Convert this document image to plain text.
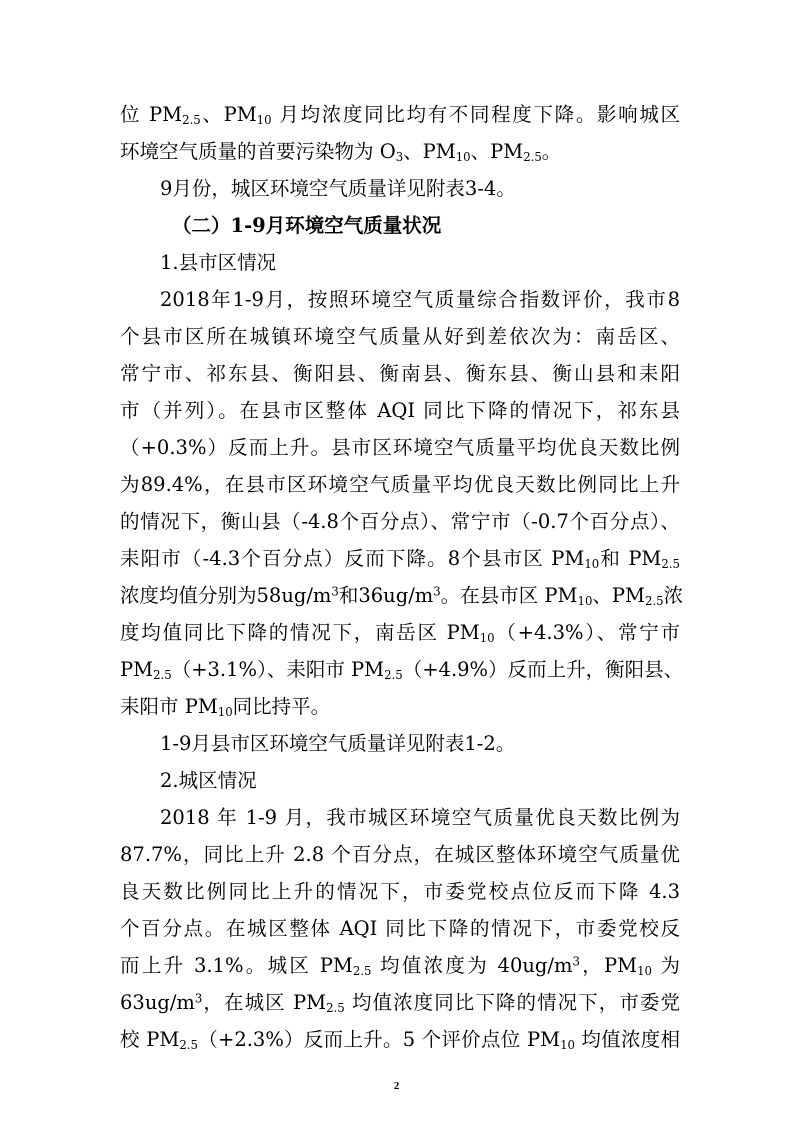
位 $PM_{2.5}$、$PM_{10}$ 月均浓度同比均有不同程度下降。影响城区
环境空气质量的首要污染物为 $O_3$、$PM_{10}$、$PM_{2.5}$。
9月份，城区环境空气质量详见附表3-4。
（二）1-9月环境空气质量状况
1.县市区情况
2018年1-9月，按照环境空气质量综合指数评价，我市8
个县市区所在城镇环境空气质量从好到差依次为：南岳区、
常宁市、祁东县、衡阳县、衡南县、衡东县、衡山县和耒阳
市（并列）。在县市区整体 AQI 同比下降的情况下，祁东县
（+0.3%）反而上升。县市区环境空气质量平均优良天数比例
为89.4%，在县市区环境空气质量平均优良天数比例同比上升
的情况下，衡山县（-4.8个百分点）、常宁市（-0.7个百分点）、
耒阳市（-4.3个百分点）反而下降。8个县市区 $PM_{10}$和 $PM_{2.5}$
浓度均值分别为$58ug/m^3$和$36ug/m^3$。在县市区 $PM_{10}$、$PM_{2.5}$浓
度均值同比下降的情况下，南岳区 $PM_{10}(+4.3\%)$、常宁市
$PM_{2.5}(+3.1\%)$、耒阳市 $PM_{2.5}(+4.9\%)$反而上升，衡阳县、
耒阳市 $PM_{10}$同比持平。
1-9月县市区环境空气质量详见附表1-2。
2.城区情况
2018 年 1-9 月，我市城区环境空气质量优良天数比例为
87.7%，同比上升 2.8 个百分点，在城区整体环境空气质量优
良天数比例同比上升的情况下，市委党校点位反而下降 4.3
个百分点。在城区整体 AQI 同比下降的情况下，市委党校反
而上升 3.1%。城区 $PM_{2.5}$ 均值浓度为 $40ug/m^3$，$PM_{10}$ 为
$63ug/m^3$，在城区 $PM_{2.5}$ 均值浓度同比下降的情况下，市委党
校 $PM_{2.5}(+2.3\%)$反而上升。5 个评价点位 $PM_{10}$ 均值浓度相
2
